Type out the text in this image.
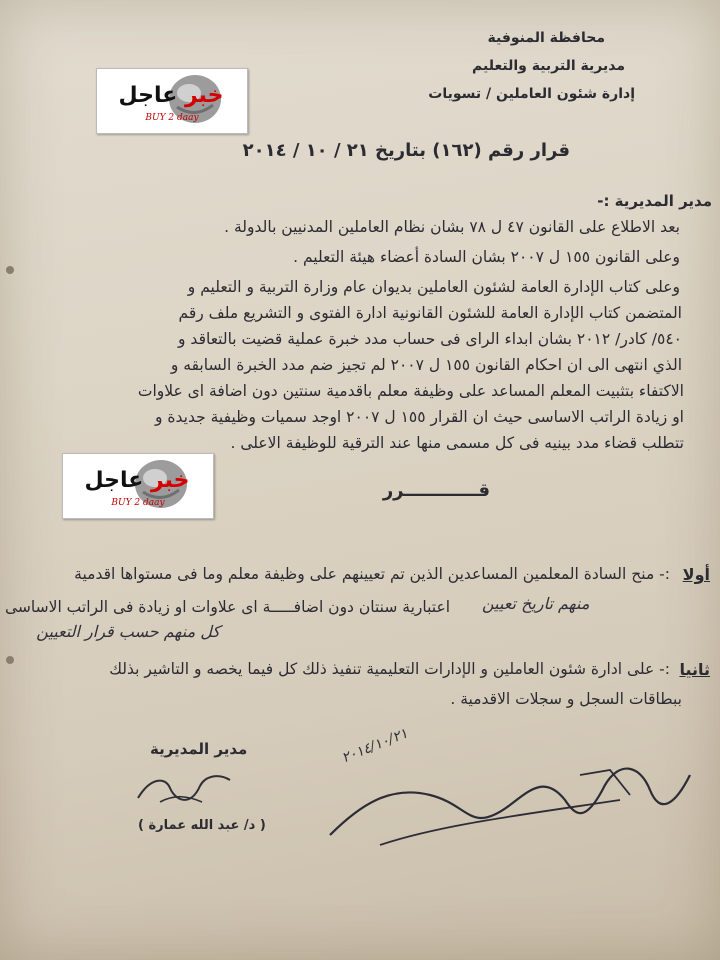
محافظة المنوفية
مديرية التربية والتعليم
إدارة شئون العاملين / تسويات
خبر عاجل
BUY 2 daay
قرار رقم (١٦٢) بتاريخ ٢١ / ١٠ / ٢٠١٤
مدير المديرية :-
بعد الاطلاع على القانون ٤٧ ل ٧٨ بشان نظام العاملين المدنيين بالدولة .
وعلى القانون ١٥٥ ل ٢٠٠٧ بشان السادة أعضاء هيئة التعليم .
وعلى كتاب الإدارة العامة لشئون العاملين بديوان عام وزارة التربية و التعليم و
المتضمن كتاب الإدارة العامة للشئون القانونية ادارة الفتوى و التشريع ملف رقم
٥٤٠/ كادر/ ٢٠١٢ بشان ابداء الراى فى حساب مدد خبرة عملية قضيت بالتعاقد و
الذي انتهى الى ان احكام القانون ١٥٥ ل ٢٠٠٧ لم تجيز ضم مدد الخبرة السابقه و
الاكتفاء بتثبيت المعلم المساعد على وظيفة معلم باقدمية سنتين دون اضافة اى علاوات
او زيادة الراتب الاساسى حيث ان القرار ١٥٥ ل ٢٠٠٧ اوجد سميات وظيفية جديدة و
تتطلب قضاء مدد بينيه فى كل مسمى منها عند الترقية للوظيفة الاعلى .
خبر عاجل
BUY 2 daay
قــــــــــــرر
أولا
:- منح السادة المعلمين المساعدين الذين تم تعيينهم على وظيفة معلم وما فى مستواها اقدمية
اعتبارية سنتان دون اضافـــــة اى علاوات او زيادة فى الراتب الاساسى منهم تاريخ تعيين
كل منهم حسب قرار التعيين
ثانيا
:- على ادارة شئون العاملين و الإدارات التعليمية تنفيذ ذلك كل فيما يخصه و التاشير بذلك
ببطاقات السجل و سجلات الاقدمية .
مدير المديرية
( د/ عبد الله عمارة )
٢٠١٤/١٠/٢١
